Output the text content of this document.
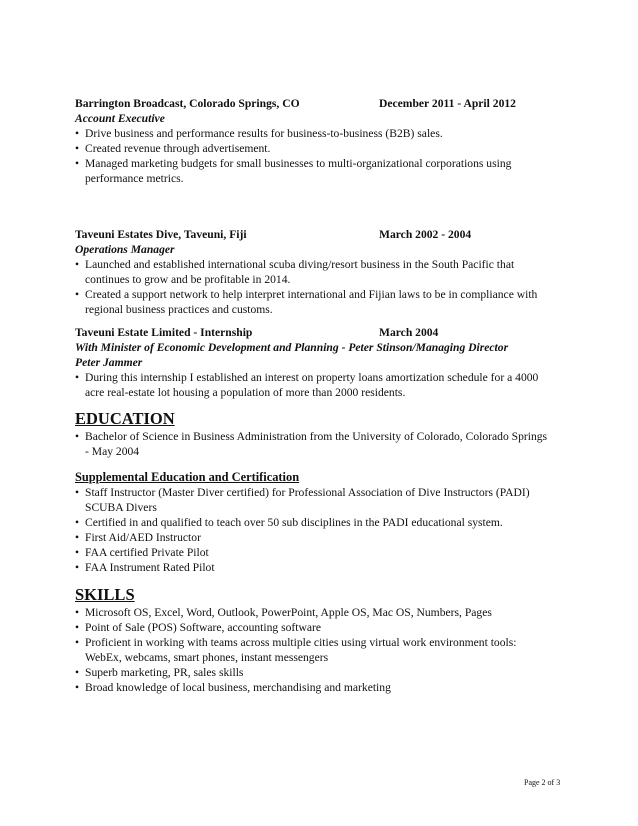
Barrington Broadcast, Colorado Springs, CO	December 2011 - April 2012
Account Executive
• Drive business and performance results for business-to-business (B2B) sales.
• Created revenue through advertisement.
• Managed marketing budgets for small businesses to multi-organizational corporations using performance metrics.
Taveuni Estates Dive, Taveuni, Fiji	March 2002 - 2004
Operations Manager
• Launched and established international scuba diving/resort business in the South Pacific that continues to grow and be profitable in 2014.
• Created a support network to help interpret international and Fijian laws to be in compliance with regional business practices and customs.
Taveuni Estate Limited - Internship	March 2004
With Minister of Economic Development and Planning - Peter Stinson/Managing Director
Peter Jammer
• During this internship I established an interest on property loans amortization schedule for a 4000 acre real-estate lot housing a population of more than 2000 residents.
EDUCATION
• Bachelor of Science in Business Administration from the University of Colorado, Colorado Springs - May 2004
Supplemental Education and Certification
• Staff Instructor (Master Diver certified) for Professional Association of Dive Instructors (PADI) SCUBA Divers
• Certified in and qualified to teach over 50 sub disciplines in the PADI educational system.
• First Aid/AED Instructor
• FAA certified Private Pilot
• FAA Instrument Rated Pilot
SKILLS
• Microsoft OS, Excel, Word, Outlook, PowerPoint, Apple OS, Mac OS, Numbers, Pages
• Point of Sale (POS) Software, accounting software
• Proficient in working with teams across multiple cities using virtual work environment tools: WebEx, webcams, smart phones, instant messengers
• Superb marketing, PR, sales skills
• Broad knowledge of local business, merchandising and marketing
Page 2 of 3
